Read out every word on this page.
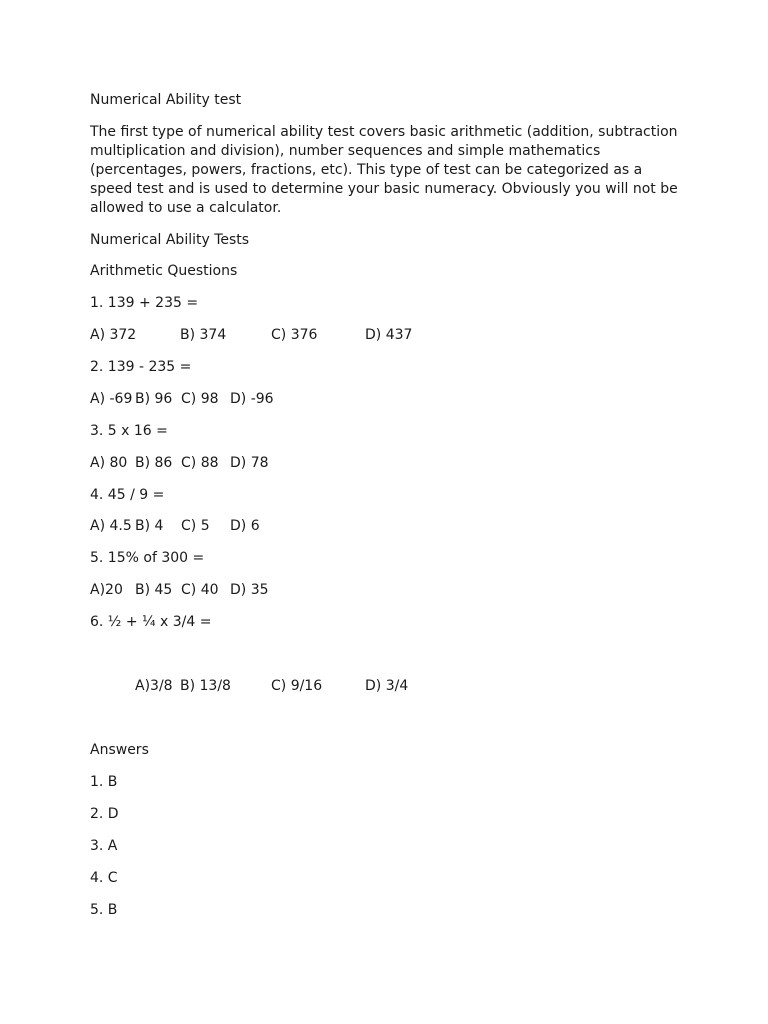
Numerical Ability test
The first type of numerical ability test covers basic arithmetic (addition, subtraction
multiplication and division), number sequences and simple mathematics
(percentages, powers, fractions, etc). This type of test can be categorized as a
speed test and is used to determine your basic numeracy. Obviously you will not be
allowed to use a calculator.
Numerical Ability Tests
Arithmetic Questions
1. 139 + 235 =
A) 372	B) 374	C) 376	D) 437
2. 139 - 235 =
A) -69 B) 96 C) 98 D) -96
3. 5 x 16 =
A) 80 B) 86 C) 88 D) 78
4. 45 / 9 =
A) 4.5 B) 4 C) 5 D) 6
5. 15% of 300 =
A)20 B) 45 C) 40 D) 35
6. ½ + ¼ x 3/4 =
A)3/8 B) 13/8	C) 9/16	D) 3/4
Answers
1. B
2. D
3. A
4. C
5. B
